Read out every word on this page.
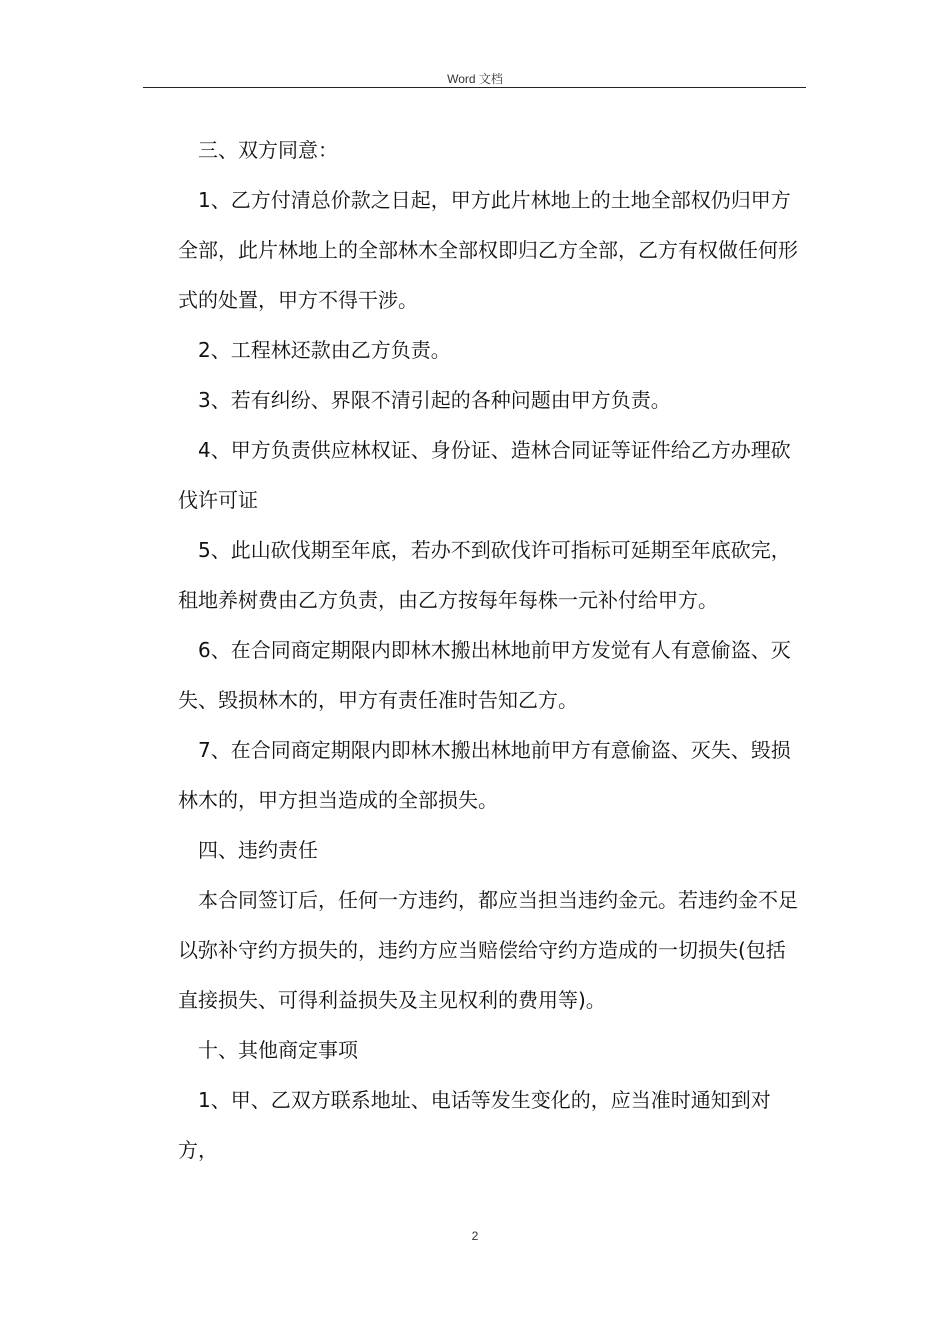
Word 文档

三、双方同意：

1、乙方付清总价款之日起，甲方此片林地上的土地全部权仍归甲方全部，此片林地上的全部林木全部权即归乙方全部，乙方有权做任何形式的处置，甲方不得干涉。

2、工程林还款由乙方负责。

3、若有纠纷、界限不清引起的各种问题由甲方负责。

4、甲方负责供应林权证、身份证、造林合同证等证件给乙方办理砍伐许可证

5、此山砍伐期至年底，若办不到砍伐许可指标可延期至年底砍完，租地养树费由乙方负责，由乙方按每年每株一元补付给甲方。

6、在合同商定期限内即林木搬出林地前甲方发觉有人有意偷盗、灭失、毁损林木的，甲方有责任准时告知乙方。

7、在合同商定期限内即林木搬出林地前甲方有意偷盗、灭失、毁损林木的，甲方担当造成的全部损失。

四、违约责任

本合同签订后，任何一方违约，都应当担当违约金元。若违约金不足以弥补守约方损失的，违约方应当赔偿给守约方造成的一切损失(包括直接损失、可得利益损失及主见权利的费用等)。

十、其他商定事项

1、甲、乙双方联系地址、电话等发生变化的，应当准时通知到对方，

2
